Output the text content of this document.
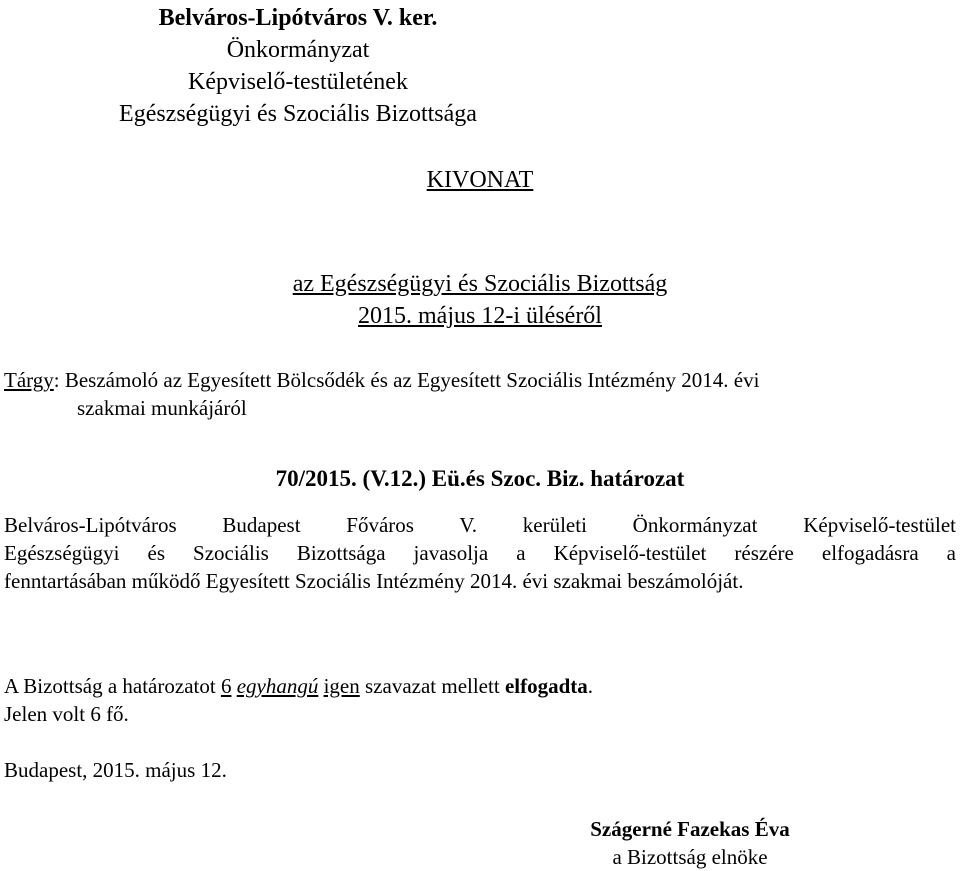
Belváros-Lipótváros V. ker.
Önkormányzat
Képviselő-testületének
Egészségügyi és Szociális Bizottsága
KIVONAT
az Egészségügyi és Szociális Bizottság
2015. május 12-i üléséről
Tárgy: Beszámoló az Egyesített Bölcsődék és az Egyesített Szociális Intézmény 2014. évi
szakmai munkájáról
70/2015. (V.12.) Eü.és Szoc. Biz. határozat
Belváros-Lipótváros Budapest Főváros V. kerületi Önkormányzat Képviselő-testület
Egészségügyi és Szociális Bizottsága javasolja a Képviselő-testület részére elfogadásra a
fenntartásában működő Egyesített Szociális Intézmény 2014. évi szakmai beszámolóját.
A Bizottság a határozatot 6 egyhangú igen szavazat mellett elfogadta.
Jelen volt 6 fő.
Budapest, 2015. május 12.
Szágerné Fazekas Éva
a Bizottság elnöke
